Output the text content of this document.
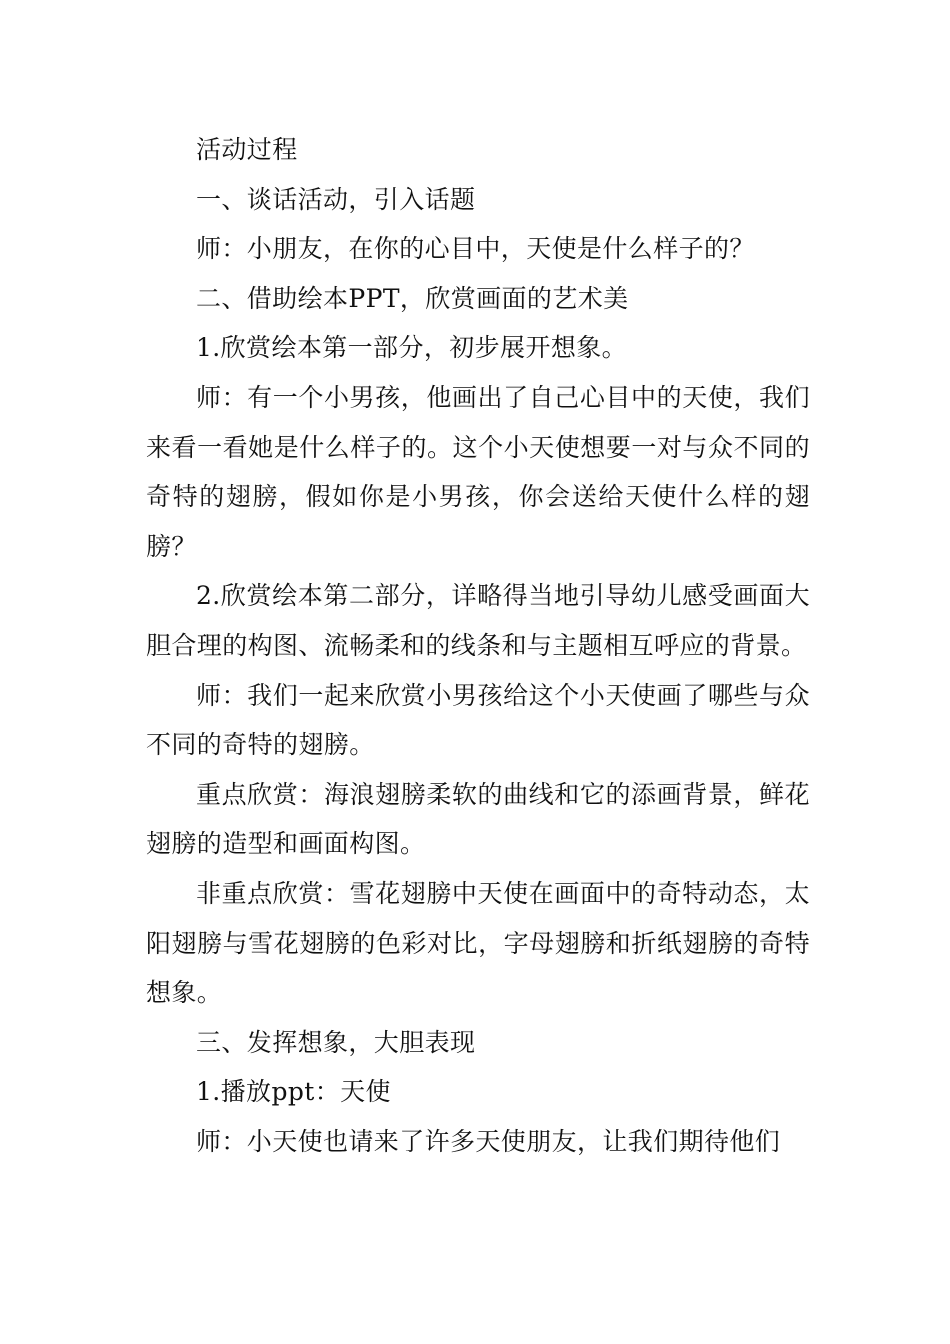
活动过程

一、谈话活动，引入话题

师：小朋友，在你的心目中，天使是什么样子的？

二、借助绘本PPT，欣赏画面的艺术美

1.欣赏绘本第一部分，初步展开想象。

师：有一个小男孩，他画出了自己心目中的天使，我们来看一看她是什么样子的。这个小天使想要一对与众不同的奇特的翅膀，假如你是小男孩，你会送给天使什么样的翅膀？

2.欣赏绘本第二部分，详略得当地引导幼儿感受画面大胆合理的构图、流畅柔和的线条和与主题相互呼应的背景。

师：我们一起来欣赏小男孩给这个小天使画了哪些与众不同的奇特的翅膀。

重点欣赏：海浪翅膀柔软的曲线和它的添画背景，鲜花翅膀的造型和画面构图。

非重点欣赏：雪花翅膀中天使在画面中的奇特动态，太阳翅膀与雪花翅膀的色彩对比，字母翅膀和折纸翅膀的奇特想象。

三、发挥想象，大胆表现

1.播放ppt：天使

师：小天使也请来了许多天使朋友，让我们期待他们
